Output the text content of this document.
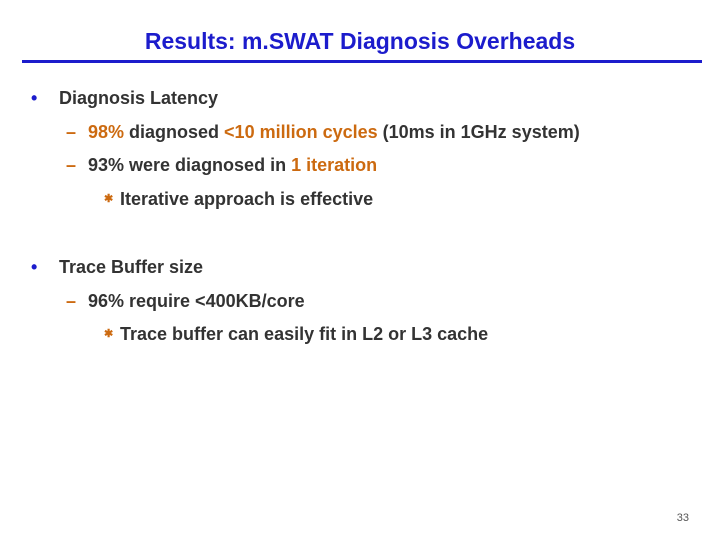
Results: m.SWAT Diagnosis Overheads
• Diagnosis Latency
– 98% diagnosed <10 million cycles (10ms in 1GHz system)
– 93% were diagnosed in 1 iteration
✱ Iterative approach is effective
• Trace Buffer size
– 96% require <400KB/core
✱ Trace buffer can easily fit in L2 or L3 cache
33
